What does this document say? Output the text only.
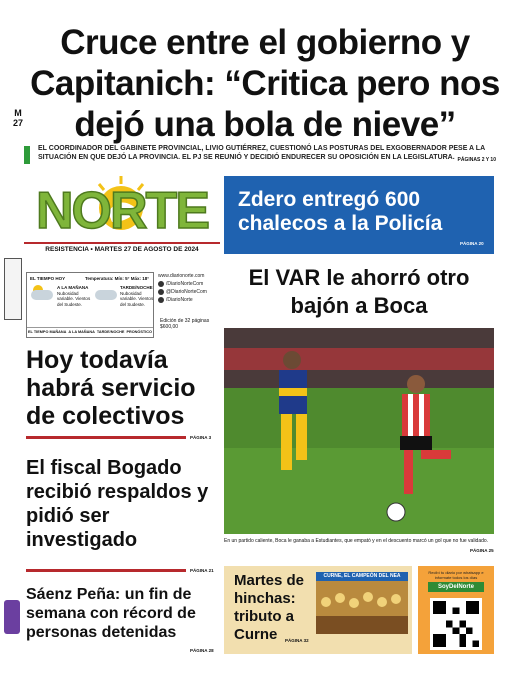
M
27
Cruce entre el gobierno y Capitanich: “Critica pero nos dejó una bola de nieve”
EL COORDINADOR DEL GABINETE PROVINCIAL, LIVIO GUTIÉRREZ, CUESTIONÓ LAS POSTURAS DEL EXGOBERNADOR PESE A LA SITUACIÓN EN QUE DEJÓ LA PROVINCIA. EL PJ SE REUNIÓ Y DECIDIÓ ENDURECER SU OPOSICIÓN EN LA LEGISLATURA. PÁGINAS 2 Y 10
NORTE
RESISTENCIA • MARTES 27 DE AGOSTO DE 2024
EL TIEMPO HOY	Temperatura: Mín: 5° Máx: 18°
A LA MAÑANA
Nubosidad variable. Vientos del Sudeste.
TARDE/NOCHE
Nubosidad variable. Vientos del Sudeste.
EL TIEMPO MAÑANA A LA MAÑANA TARDE/NOCHE PRONÓSTICO
www.diarionorte.com
/DiarioNorteCom
@DiarioNorteCom
/DiarioNorte
Edición de 32 páginas
$600,00
Hoy todavía habrá servicio de colectivos
PÁGINA 3
El fiscal Bogado recibió respaldos y pidió ser investigado
PÁGINA 21
Sáenz Peña: un fin de semana con récord de personas detenidas
PÁGINA 28
Zdero entregó 600 chalecos a la Policía
PÁGINA 20
El VAR le ahorró otro bajón a Boca
En un partido caliente, Boca le ganaba a Estudiantes, que empató y en el descuento marcó un gol que no fue validado.
PÁGINA 25
Martes de hinchas: tributo a Curne	PÁGINA 32
CURNE, EL CAMPEÓN DEL NEA
Recibí tu diario por whatsapp e informate todos los días
SoyDelNorte
